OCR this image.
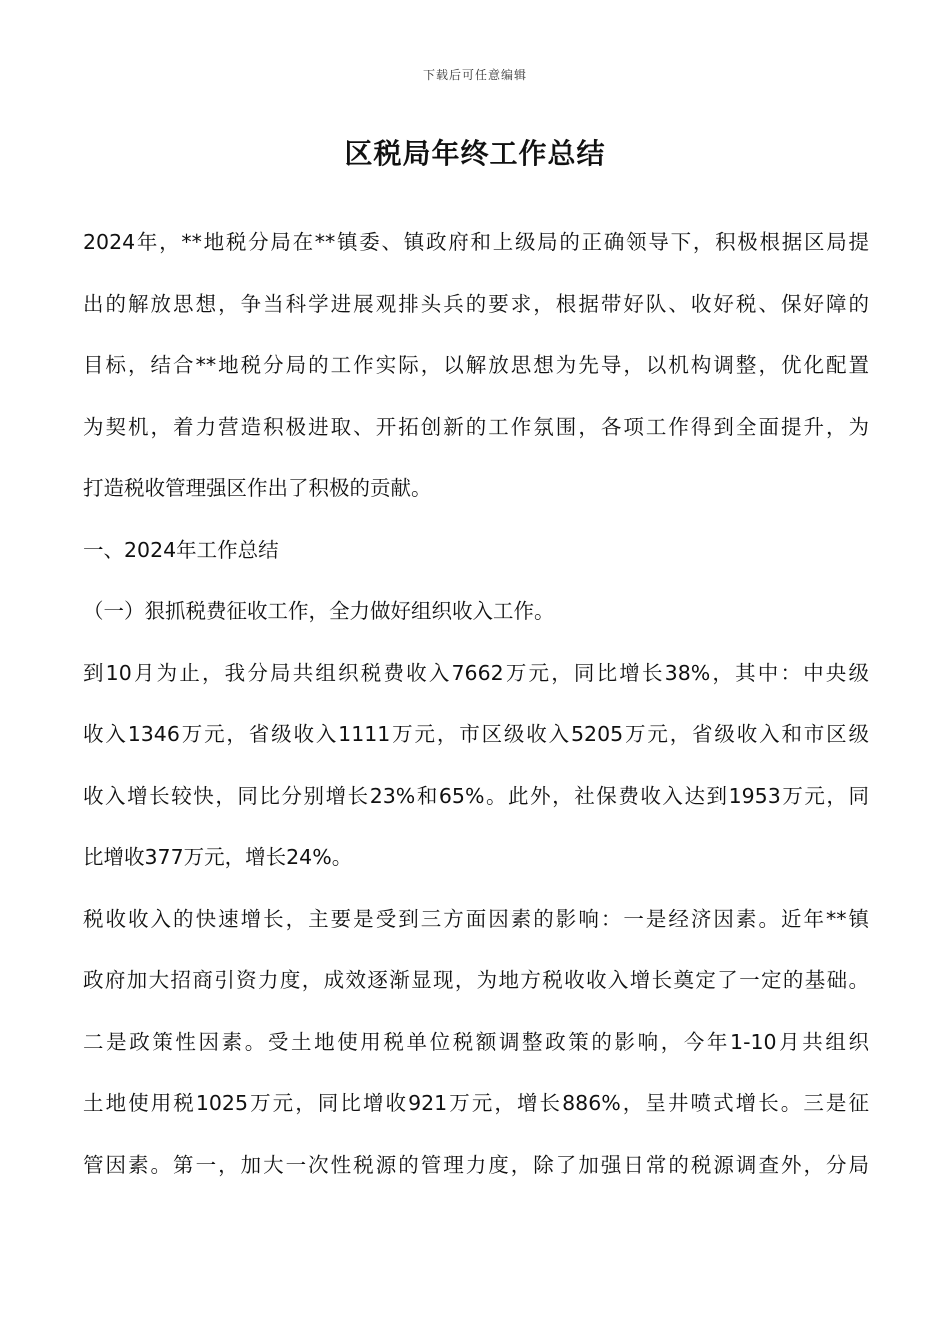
下载后可任意编辑
区税局年终工作总结
2024年，**地税分局在**镇委、镇政府和上级局的正确领导下，积极根据区局提
出的解放思想，争当科学进展观排头兵的要求，根据带好队、收好税、保好障的
目标，结合**地税分局的工作实际，以解放思想为先导，以机构调整，优化配置
为契机，着力营造积极进取、开拓创新的工作氛围，各项工作得到全面提升，为
打造税收管理强区作出了积极的贡献。
一、2024年工作总结
（一）狠抓税费征收工作，全力做好组织收入工作。
到10月为止，我分局共组织税费收入7662万元，同比增长38%，其中：中央级
收入1346万元，省级收入1111万元，市区级收入5205万元，省级收入和市区级
收入增长较快，同比分别增长23%和65%。此外，社保费收入达到1953万元，同
比增收377万元，增长24%。
税收收入的快速增长，主要是受到三方面因素的影响：一是经济因素。近年**镇
政府加大招商引资力度，成效逐渐显现，为地方税收收入增长奠定了一定的基础。
二是政策性因素。受土地使用税单位税额调整政策的影响，今年1-10月共组织
土地使用税1025万元，同比增收921万元，增长886%，呈井喷式增长。三是征
管因素。第一，加大一次性税源的管理力度，除了加强日常的税源调查外，分局
